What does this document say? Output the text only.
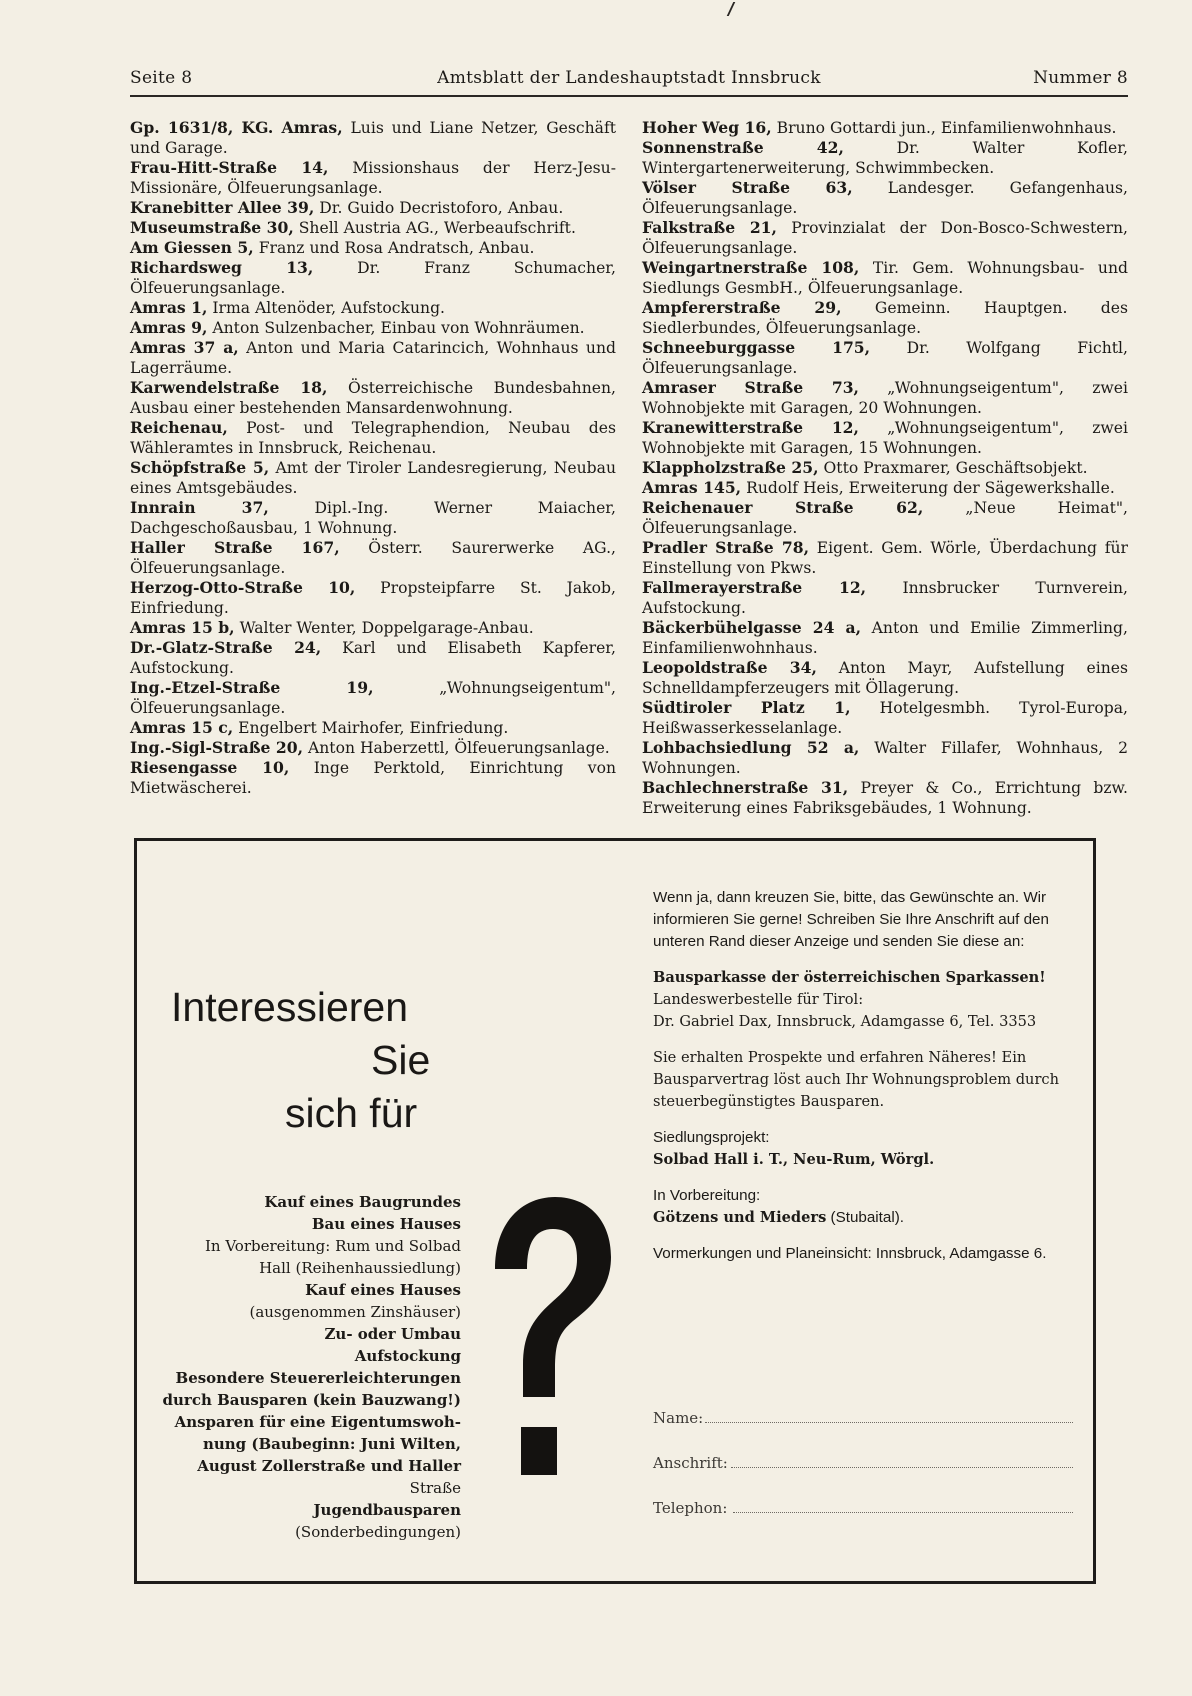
Seite 8	Amtsblatt der Landeshauptstadt Innsbruck	Nummer 8

Gp. 1631/8, KG. Amras, Luis und Liane Netzer, Geschäft und Garage.

Frau-Hitt-Straße 14, Missionshaus der Herz-Jesu-Missionäre, Ölfeuerungsanlage.

Kranebitter Allee 39, Dr. Guido Decristoforo, Anbau.

Museumstraße 30, Shell Austria AG., Werbeaufschrift.

Am Giessen 5, Franz und Rosa Andratsch, Anbau.

Richardsweg 13,	Dr. Franz Schumacher, Ölfeuerungsanlage.

Amras 1, Irma Altenöder, Aufstockung.

Amras 9, Anton Sulzenbacher, Einbau von Wohnräumen.

Amras 37 a, Anton und Maria Catarincich, Wohnhaus und Lagerräume.

Karwendelstraße 18, Österreichische Bundesbahnen, Ausbau einer bestehenden Mansardenwohnung.

Reichenau, Post- und Telegraphendion, Neubau des Wähleramtes in Innsbruck, Reichenau.

Schöpfstraße 5, Amt der Tiroler Landesregierung, Neubau eines Amtsgebäudes.

Innrain 37,	Dipl.-Ing. Werner Maiacher, Dachgeschoßausbau, 1 Wohnung.

Haller Straße 167, Österr. Saurerwerke AG., Ölfeuerungsanlage.

Herzog-Otto-Straße 10, Propsteipfarre St. Jakob, Einfriedung.

Amras 15 b, Walter Wenter, Doppelgarage-Anbau.

Dr.-Glatz-Straße 24, Karl und Elisabeth Kapferer, Aufstockung.

Ing.-Etzel-Straße 19,	„Wohnungseigentum", Ölfeuerungsanlage.

Amras 15 c, Engelbert Mairhofer, Einfriedung.

Ing.-Sigl-Straße 20, Anton Haberzettl, Ölfeuerungsanlage.

Riesengasse 10, Inge Perktold, Einrichtung von Mietwäscherei.

Hoher Weg 16, Bruno Gottardi jun., Einfamilienwohnhaus.

Sonnenstraße 42,	Dr. Walter Kofler, Wintergartenerweiterung, Schwimmbecken.

Völser Straße 63, Landesger. Gefangenhaus, Ölfeuerungsanlage.

Falkstraße 21, Provinzialat der Don-Bosco-Schwestern, Ölfeuerungsanlage.

Weingartnerstraße 108, Tir. Gem. Wohnungsbau- und Siedlungs GesmbH., Ölfeuerungsanlage.

Ampfererstraße 29, Gemeinn. Hauptgen. des Siedlerbundes, Ölfeuerungsanlage.

Schneeburggasse 175, Dr. Wolfgang Fichtl, Ölfeuerungsanlage.

Amraser Straße 73, „Wohnungseigentum", zwei Wohnobjekte mit Garagen, 20 Wohnungen.

Kranewitterstraße 12, „Wohnungseigentum", zwei Wohnobjekte mit Garagen, 15 Wohnungen.

Klappholzstraße 25, Otto Praxmarer, Geschäftsobjekt.

Amras 145, Rudolf Heis, Erweiterung der Sägewerkshalle.

Reichenauer Straße 62,	„Neue Heimat", Ölfeuerungsanlage.

Pradler Straße 78, Eigent. Gem. Wörle, Überdachung für Einstellung von Pkws.

Fallmerayerstraße 12, Innsbrucker Turnverein, Aufstockung.

Bäckerbühelgasse 24 a, Anton und Emilie Zimmerling, Einfamilienwohnhaus.

Leopoldstraße 34, Anton Mayr, Aufstellung eines Schnelldampferzeugers mit Öllagerung.

Südtiroler Platz 1, Hotelgesmbh. Tyrol-Europa, Heißwasserkesselanlage.

Lohbachsiedlung 52 a, Walter Fillafer, Wohnhaus, 2 Wohnungen.

Bachlechnerstraße 31, Preyer & Co., Errichtung bzw. Erweiterung eines Fabriksgebäudes, 1 Wohnung.

Interessieren
Sie
sich für
Kauf eines Baugrundes
Bau eines Hauses
In Vorbereitung: Rum und Solbad
Hall (Reihenhaussiedlung)
Kauf eines Hauses
(ausgenommen Zinshäuser)
Zu- oder Umbau
Aufstockung
Besondere Steuererleichterungen
durch Bausparen (kein Bauzwang!)
Ansparen für eine Eigentumswoh-
nung (Baubeginn: Juni Wilten,
August Zollerstraße und Haller
Straße
Jugendbausparen
(Sonderbedingungen)

Wenn ja, dann kreuzen Sie, bitte, das Gewünschte an. Wir informieren Sie gerne! Schreiben Sie Ihre Anschrift auf den unteren Rand dieser Anzeige und senden Sie diese an:

Bausparkasse der österreichischen Sparkassen!

Landeswerbestelle für Tirol:

Dr. Gabriel Dax, Innsbruck, Adamgasse 6, Tel. 3353

Sie erhalten Prospekte und erfahren Näheres! Ein Bausparvertrag löst auch Ihr Wohnungsproblem durch steuerbegünstigtes Bausparen.

Siedlungsprojekt:

Solbad Hall i. T., Neu-Rum, Wörgl.

In Vorbereitung:

Götzens und Mieders (Stubaital).

Vormerkungen und Planeinsicht: Innsbruck, Adamgasse 6.

Name:
Anschrift:
Telephon:
